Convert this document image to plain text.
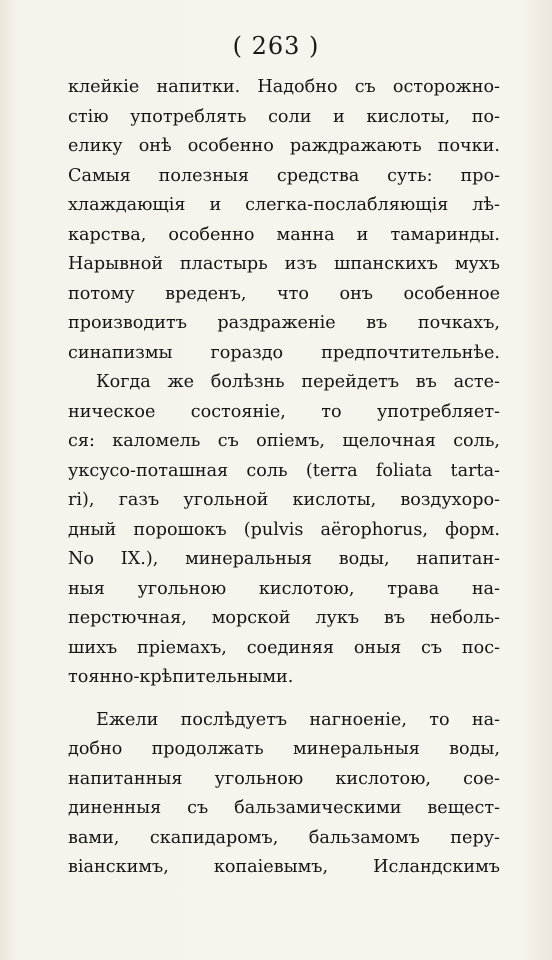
( 263 )
клейкie напитки. Надобно съ осторожно-
стiю употреблять соли и кислоты, по-
елику онѣ особенно раждражають почки.
Самыя полезныя средства суть: про-
хлаждающiя и слегка-послабляющiя лѣ-
карства, особенно манна и тамаринды.
Нарывной пластырь изъ шпанскихъ мухъ
потому вреденъ, что онъ особенное
производитъ раздраженiе въ почкахъ,
синапизмы гораздо предпочтительнѣе.
Когда же болѣзнь перейдетъ въ асте-
ническое состоянiе, то употребляет-
ся: каломель съ опiемъ, щелочная соль,
уксусо-поташная соль (terra foliata tarta-
ri), газъ угольной кислоты, воздухоро-
дный порошокъ (pulvis aërophorus, форм.
No IX.), минеральныя воды, напитан-
ныя угольною кислотою, трава на-
перстючная, морской лукъ въ неболь-
шихъ прiемахъ, соединяя оныя съ пос-
тоянно-крѣпительными.
Ежели послѣдуетъ нагноенiе, то на-
добно продолжать минеральныя воды,
напитанныя угольною кислотою, сое-
диненныя съ бальзамическими вещест-
вами, скапидаромъ, бальзамомъ перу-
вiанскимъ, копаiевымъ, Исландскимъ
